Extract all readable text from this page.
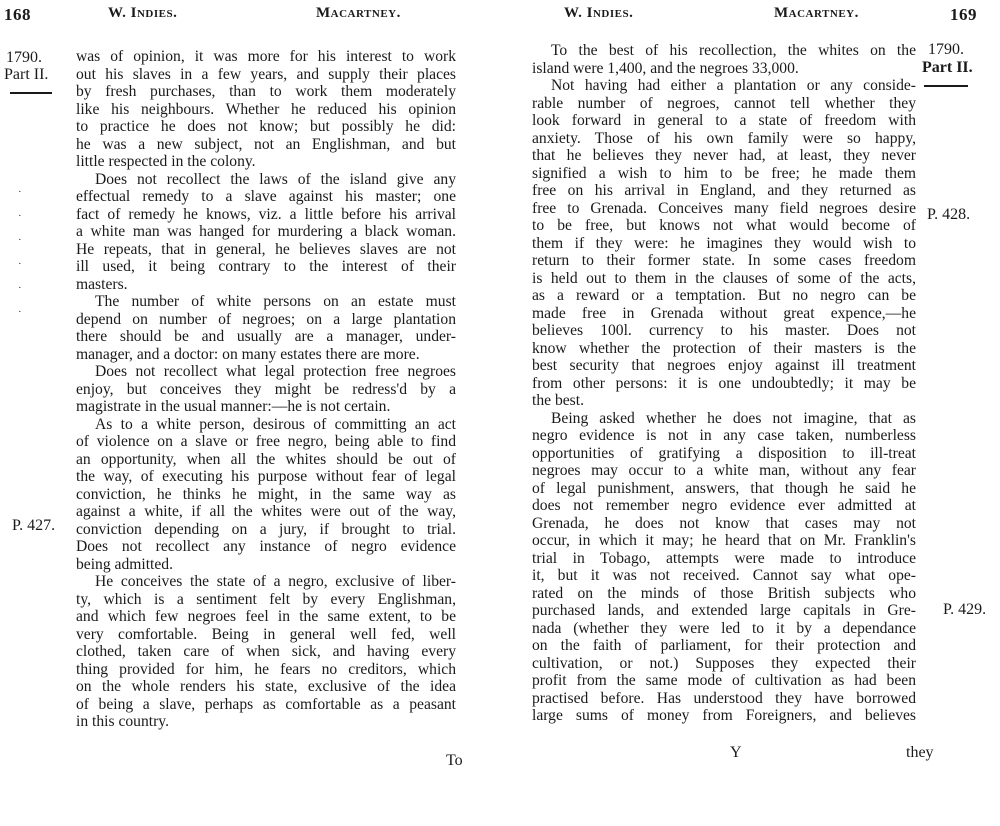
168	W. Indies.	Macartney.
1790.
Part II.
P. 427.
·
·
·
·
·
·
was of opinion, it was more for his interest to work
out his slaves in a few years, and supply their places
by fresh purchases, than to work them moderately
like his neighbours. Whether he reduced his opinion
to practice he does not know; but possibly he did:
he was a new subject, not an Englishman, and but
little respected in the colony.
Does not recollect the laws of the island give any
effectual remedy to a slave against his master; one
fact of remedy he knows, viz. a little before his arrival
a white man was hanged for murdering a black woman.
He repeats, that in general, he believes slaves are not
ill used, it being contrary to the interest of their
masters.
The number of white persons on an estate must
depend on number of negroes; on a large plantation
there should be and usually are a manager, under-
manager, and a doctor: on many estates there are more.
Does not recollect what legal protection free negroes
enjoy, but conceives they might be redress'd by a
magistrate in the usual manner:—he is not certain.
As to a white person, desirous of committing an act
of violence on a slave or free negro, being able to find
an opportunity, when all the whites should be out of
the way, of executing his purpose without fear of legal
conviction, he thinks he might, in the same way as
against a white, if all the whites were out of the way,
conviction depending on a jury, if brought to trial.
Does not recollect any instance of negro evidence
being admitted.
He conceives the state of a negro, exclusive of liber-
ty, which is a sentiment felt by every Englishman,
and which few negroes feel in the same extent, to be
very comfortable. Being in general well fed, well
clothed, taken care of when sick, and having every
thing provided for him, he fears no creditors, which
on the whole renders his state, exclusive of the idea
of being a slave, perhaps as comfortable as a peasant
in this country.
To
W. Indies.	Macartney.	169
1790.
Part II.
P. 428.
P. 429.
To the best of his recollection, the whites on the
island were 1,400, and the negroes 33,000.
Not having had either a plantation or any conside-
rable number of negroes, cannot tell whether they
look forward in general to a state of freedom with
anxiety. Those of his own family were so happy,
that he believes they never had, at least, they never
signified a wish to him to be free; he made them
free on his arrival in England, and they returned as
free to Grenada. Conceives many field negroes desire
to be free, but knows not what would become of
them if they were: he imagines they would wish to
return to their former state. In some cases freedom
is held out to them in the clauses of some of the acts,
as a reward or a temptation. But no negro can be
made free in Grenada without great expence,—he
believes 100l. currency to his master. Does not
know whether the protection of their masters is the
best security that negroes enjoy against ill treatment
from other persons: it is one undoubtedly; it may be
the best.
Being asked whether he does not imagine, that as
negro evidence is not in any case taken, numberless
opportunities of gratifying a disposition to ill-treat
negroes may occur to a white man, without any fear
of legal punishment, answers, that though he said he
does not remember negro evidence ever admitted at
Grenada, he does not know that cases may not
occur, in which it may; he heard that on Mr. Franklin's
trial in Tobago, attempts were made to introduce
it, but it was not received. Cannot say what ope-
rated on the minds of those British subjects who
purchased lands, and extended large capitals in Gre-
nada (whether they were led to it by a dependance
on the faith of parliament, for their protection and
cultivation, or not.) Supposes they expected their
profit from the same mode of cultivation as had been
practised before. Has understood they have borrowed
large sums of money from Foreigners, and believes
Y	they
